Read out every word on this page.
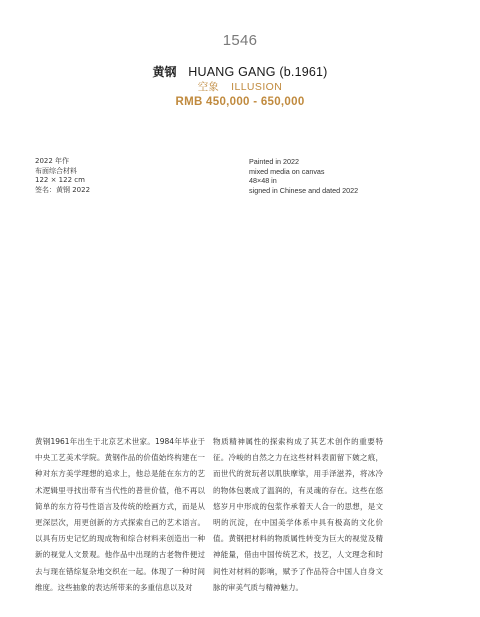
1546
黄钢 HUANG GANG (b.1961)
空象 ILLUSION
RMB 450,000 - 650,000
2022 年作
布面综合材料
122 × 122 cm
签名：黄钢 2022
Painted in 2022
mixed media on canvas
48×48 in
signed in Chinese and dated 2022
黄钢1961年出生于北京艺术世家。1984年毕业于中央工艺美术学院。黄钢作品的价值始终构建在一种对东方美学理想的追求上，他总是能在东方的艺术逻辑里寻找出带有当代性的普世价值，他不再以简单的东方符号性语言及传统的绘画方式，而是从更深层次，用更创新的方式探索自己的艺术语言。以具有历史记忆的现成物和综合材料来创造出一种新的视觉人文景观。他作品中出现的古老物件便过去与现在错综复杂地交织在一起。体现了一种时间维度。这些抽象的表达所带来的多重信息以及对
物质精神属性的探索构成了其艺术创作的重要特征。冷峻的自然之力在这些材料表面留下皴之痕，而世代的赏玩者以肌肤摩挲，用手泽滋养，将冰冷的物体包裹成了温润的，有灵魂的存在。这些在悠悠岁月中形成的包浆作承着天人合一的思想，是文明的沉淀，在中国美学体系中具有极高的文化价值。黄钢把材料的物质属性转变为巨大的视觉及精神能量，借由中国传统艺术，技艺，人文理念和时间性对材料的影响，赋予了作品符合中国人自身文脉的审美气质与精神魅力。
